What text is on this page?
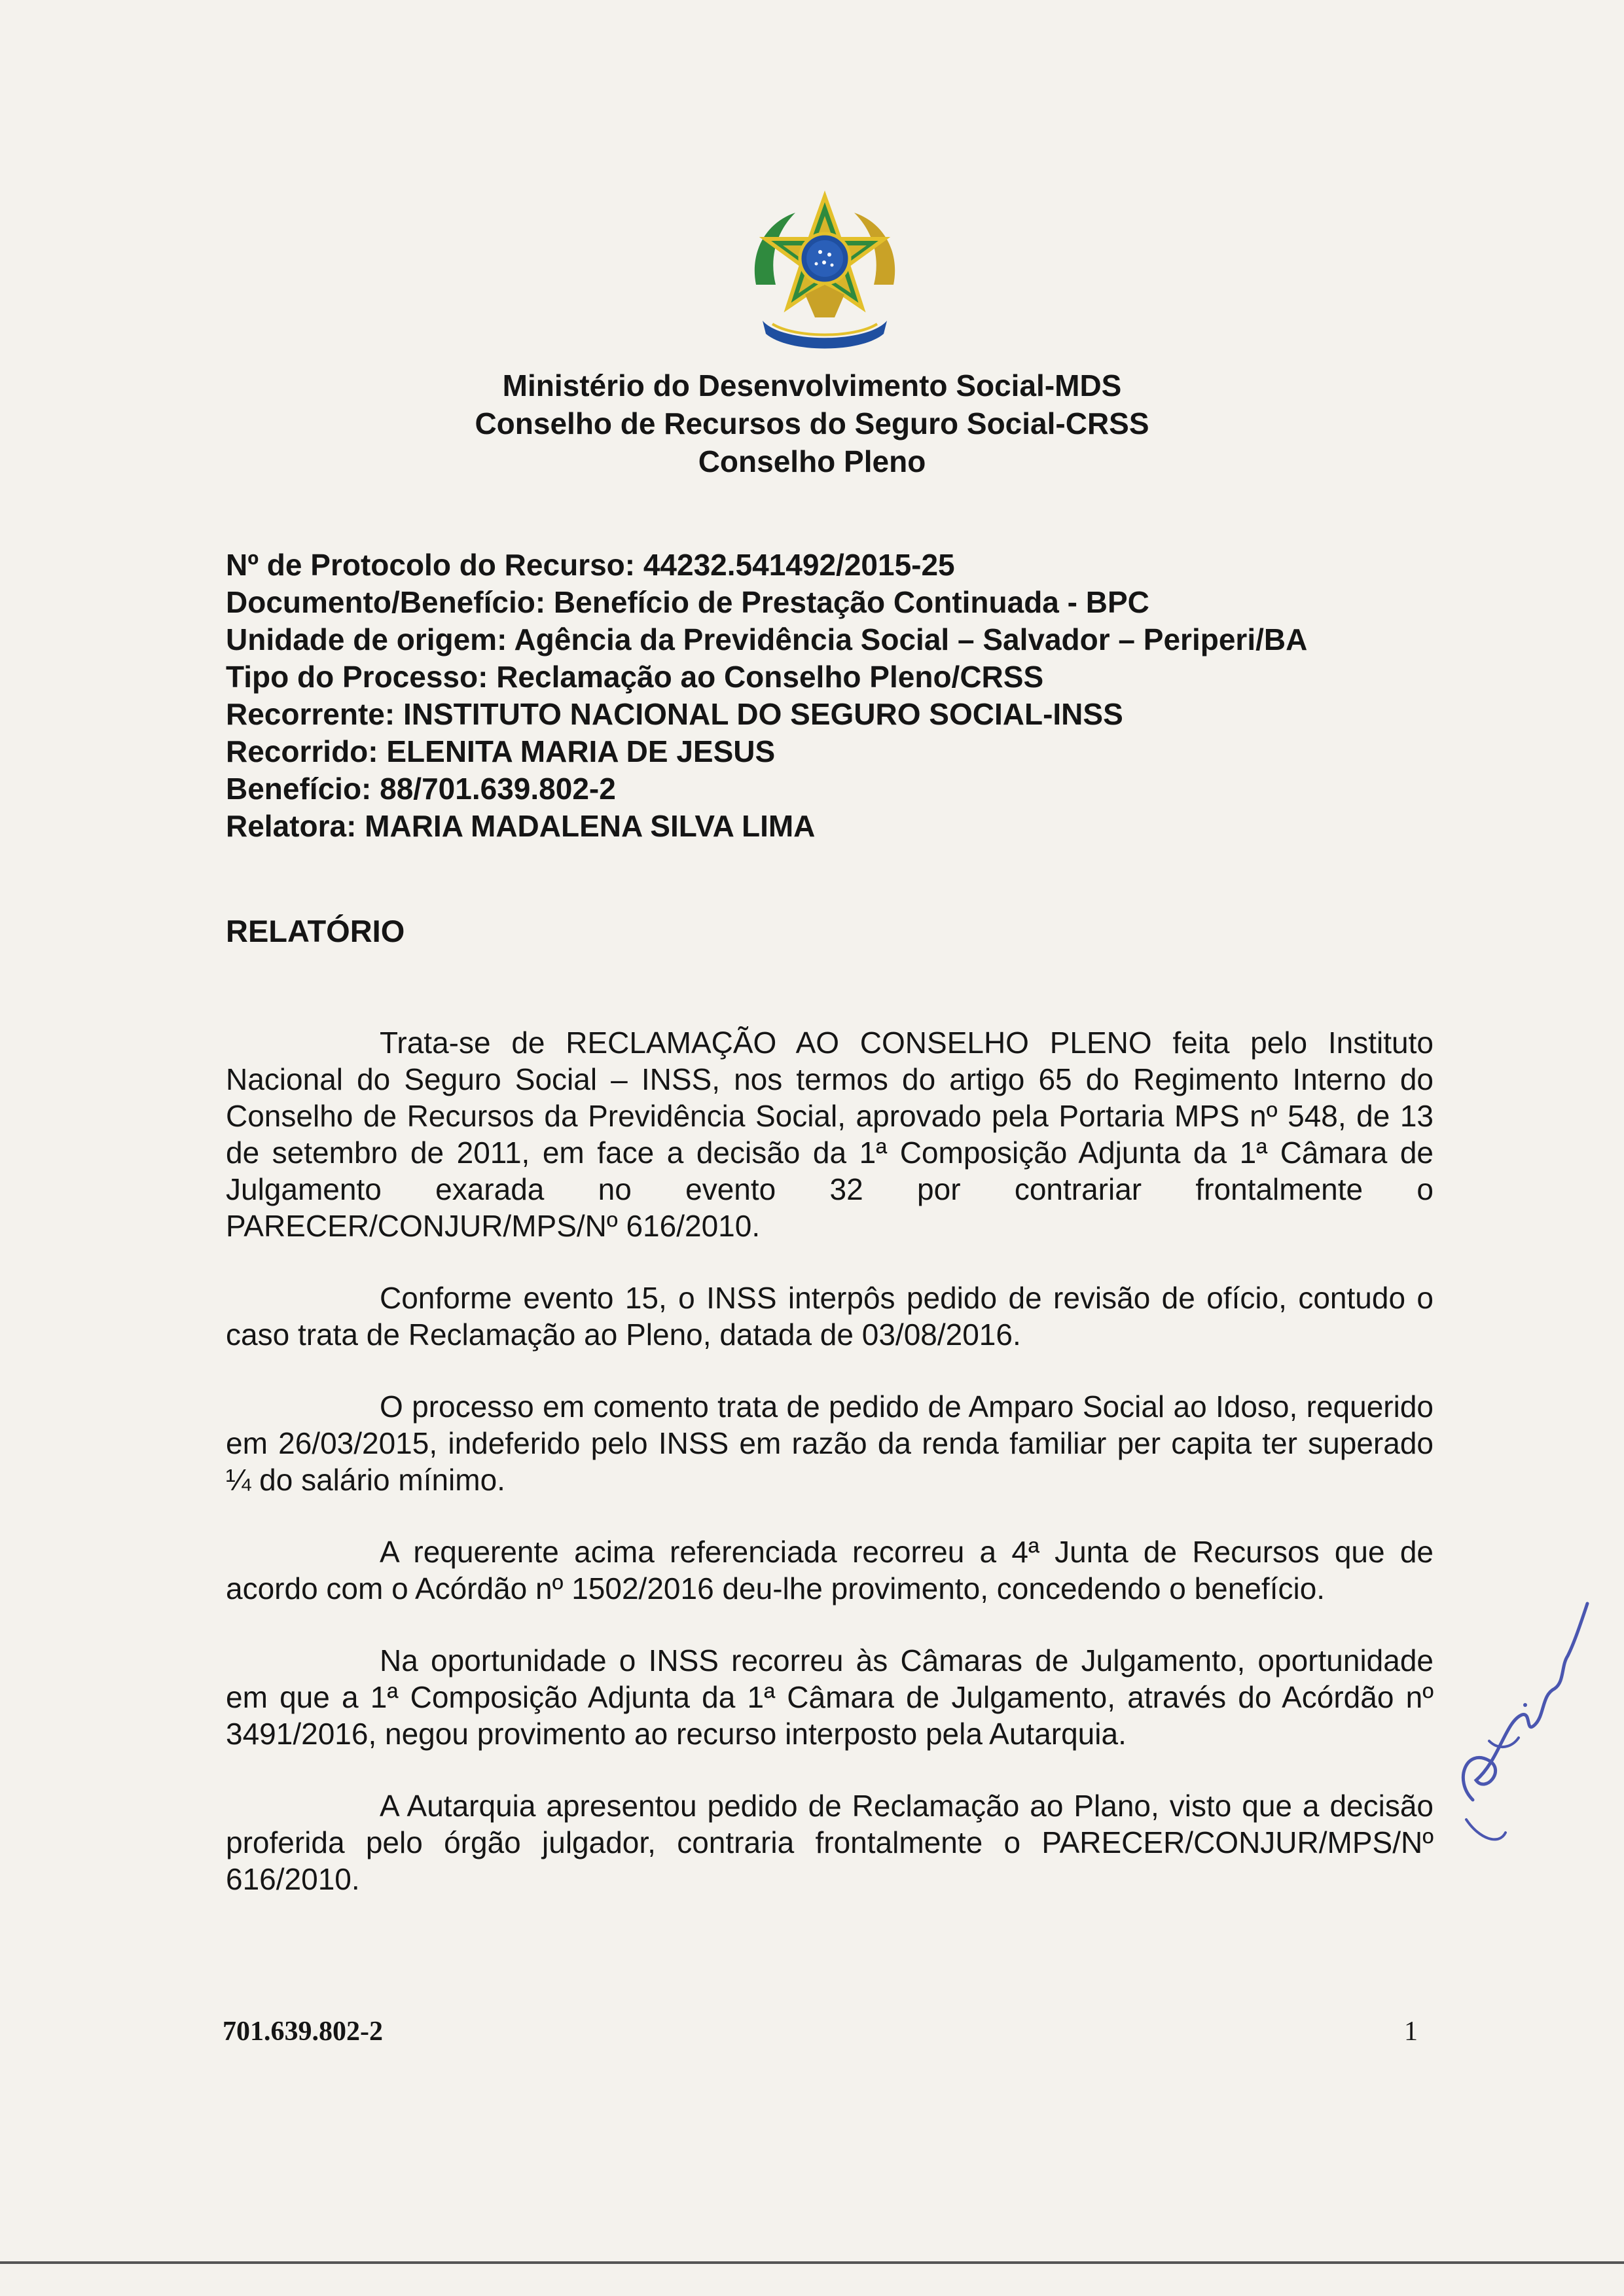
Ministério do Desenvolvimento Social-MDS
Conselho de Recursos do Seguro Social-CRSS
Conselho Pleno
Nº de Protocolo do Recurso: 44232.541492/2015-25
Documento/Benefício: Benefício de Prestação Continuada - BPC
Unidade de origem: Agência da Previdência Social – Salvador – Periperi/BA
Tipo do Processo: Reclamação ao Conselho Pleno/CRSS
Recorrente: INSTITUTO NACIONAL DO SEGURO SOCIAL-INSS
Recorrido: ELENITA MARIA DE JESUS
Benefício: 88/701.639.802-2
Relatora: MARIA MADALENA SILVA LIMA
RELATÓRIO

Trata-se de RECLAMAÇÃO AO CONSELHO PLENO feita pelo Instituto Nacional do Seguro Social – INSS, nos termos do artigo 65 do Regimento Interno do Conselho de Recursos da Previdência Social, aprovado pela Portaria MPS nº 548, de 13 de setembro de 2011, em face a decisão da 1ª Composição Adjunta da 1ª Câmara de Julgamento exarada no evento 32 por contrariar frontalmente o PARECER/CONJUR/MPS/Nº 616/2010.

Conforme evento 15, o INSS interpôs pedido de revisão de ofício, contudo o caso trata de Reclamação ao Pleno, datada de 03/08/2016.

O processo em comento trata de pedido de Amparo Social ao Idoso, requerido em 26/03/2015, indeferido pelo INSS em razão da renda familiar per capita ter superado ¼ do salário mínimo.

A requerente acima referenciada recorreu a 4ª Junta de Recursos que de acordo com o Acórdão nº 1502/2016 deu-lhe provimento, concedendo o benefício.

Na oportunidade o INSS recorreu às Câmaras de Julgamento, oportunidade em que a 1ª Composição Adjunta da 1ª Câmara de Julgamento, através do Acórdão nº 3491/2016, negou provimento ao recurso interposto pela Autarquia.

A Autarquia apresentou pedido de Reclamação ao Plano, visto que a decisão proferida pelo órgão julgador, contraria frontalmente o PARECER/CONJUR/MPS/Nº 616/2010.

701.639.802-2	1
